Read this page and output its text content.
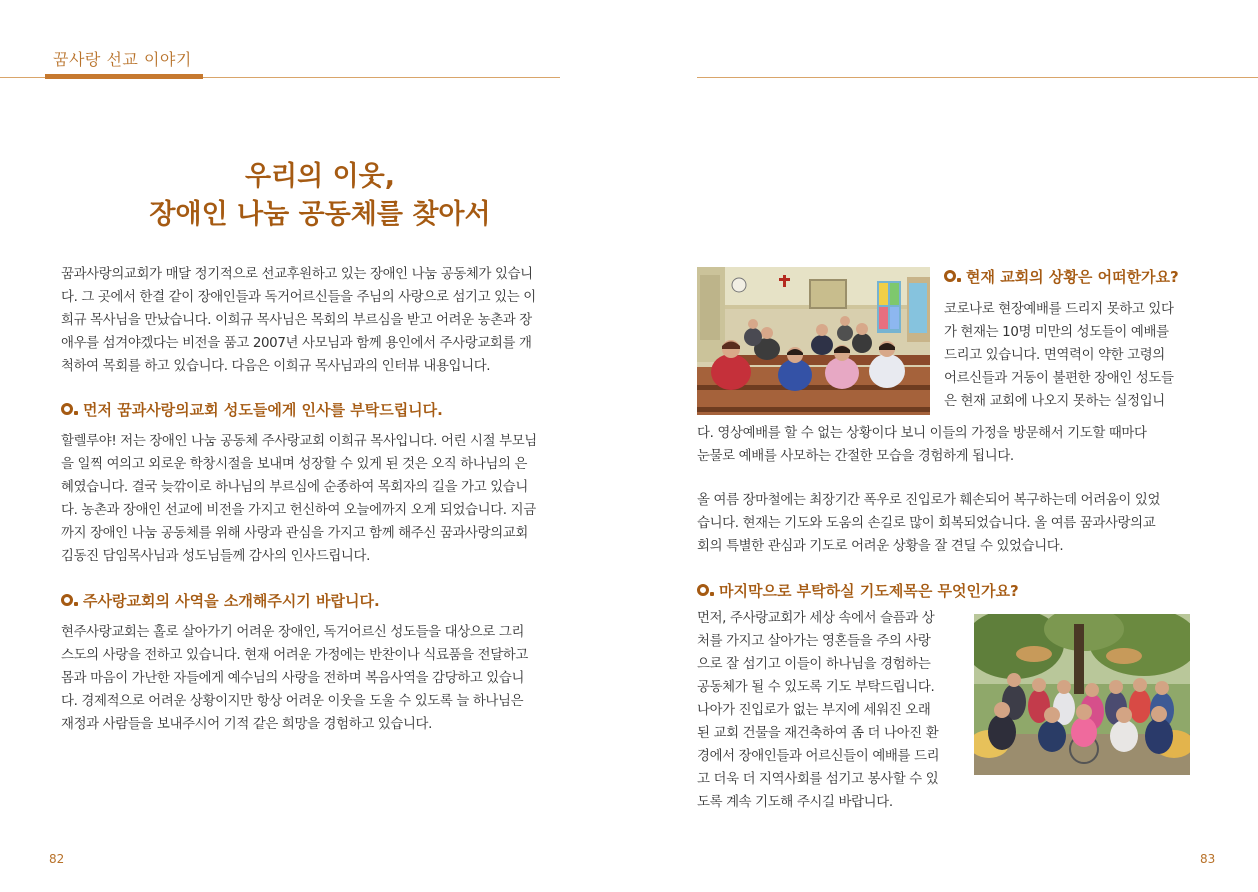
꿈사랑 선교 이야기
우리의 이웃,
장애인 나눔 공동체를 찾아서
꿈과사랑의교회가 매달 정기적으로 선교후원하고 있는 장애인 나눔 공동체가 있습니
다. 그 곳에서 한결 같이 장애인들과 독거어르신들을 주님의 사랑으로 섬기고 있는 이
희규 목사님을 만났습니다. 이희규 목사님은 목회의 부르심을 받고 어려운 농촌과 장
애우를 섬겨야겠다는 비전을 품고 2007년 사모님과 함께 용인에서 주사랑교회를 개
척하여 목회를 하고 있습니다. 다음은 이희규 목사님과의 인터뷰 내용입니다.
먼저 꿈과사랑의교회 성도들에게 인사를 부탁드립니다.
할렐루야! 저는 장애인 나눔 공동체 주사랑교회 이희규 목사입니다. 어린 시절 부모님
을 일찍 여의고 외로운 학창시절을 보내며 성장할 수 있게 된 것은 오직 하나님의 은
혜였습니다. 결국 늦깎이로 하나님의 부르심에 순종하여 목회자의 길을 가고 있습니
다. 농촌과 장애인 선교에 비전을 가지고 헌신하여 오늘에까지 오게 되었습니다. 지금
까지 장애인 나눔 공동체를 위해 사랑과 관심을 가지고 함께 해주신 꿈과사랑의교회
김동진 담임목사님과 성도님들께 감사의 인사드립니다.
주사랑교회의 사역을 소개해주시기 바랍니다.
현주사랑교회는 홀로 살아가기 어려운 장애인, 독거어르신 성도들을 대상으로 그리
스도의 사랑을 전하고 있습니다. 현재 어려운 가정에는 반찬이나 식료품을 전달하고
몸과 마음이 가난한 자들에게 예수님의 사랑을 전하며 복음사역을 감당하고 있습니
다. 경제적으로 어려운 상황이지만 항상 어려운 이웃을 도울 수 있도록 늘 하나님은
재정과 사람들을 보내주시어 기적 같은 희망을 경험하고 있습니다.
현재 교회의 상황은 어떠한가요?
코로나로 현장예배를 드리지 못하고 있다
가 현재는 10명 미만의 성도들이 예배를
드리고 있습니다. 면역력이 약한 고령의
어르신들과 거동이 불편한 장애인 성도들
은 현재 교회에 나오지 못하는 실정입니
다. 영상예배를 할 수 없는 상황이다 보니 이들의 가정을 방문해서 기도할 때마다
눈물로 예배를 사모하는 간절한 모습을 경험하게 됩니다.
올 여름 장마철에는 최장기간 폭우로 진입로가 훼손되어 복구하는데 어려움이 있었
습니다. 현재는 기도와 도움의 손길로 많이 회복되었습니다. 올 여름 꿈과사랑의교
회의 특별한 관심과 기도로 어려운 상황을 잘 견딜 수 있었습니다.
마지막으로 부탁하실 기도제목은 무엇인가요?
먼저, 주사랑교회가 세상 속에서 슬픔과 상
처를 가지고 살아가는 영혼들을 주의 사랑
으로 잘 섬기고 이들이 하나님을 경험하는
공동체가 될 수 있도록 기도 부탁드립니다.
나아가 진입로가 없는 부지에 세워진 오래
된 교회 건물을 재건축하여 좀 더 나아진 환
경에서 장애인들과 어르신들이 예배를 드리
고 더욱 더 지역사회를 섬기고 봉사할 수 있
도록 계속 기도해 주시길 바랍니다.
82	83
